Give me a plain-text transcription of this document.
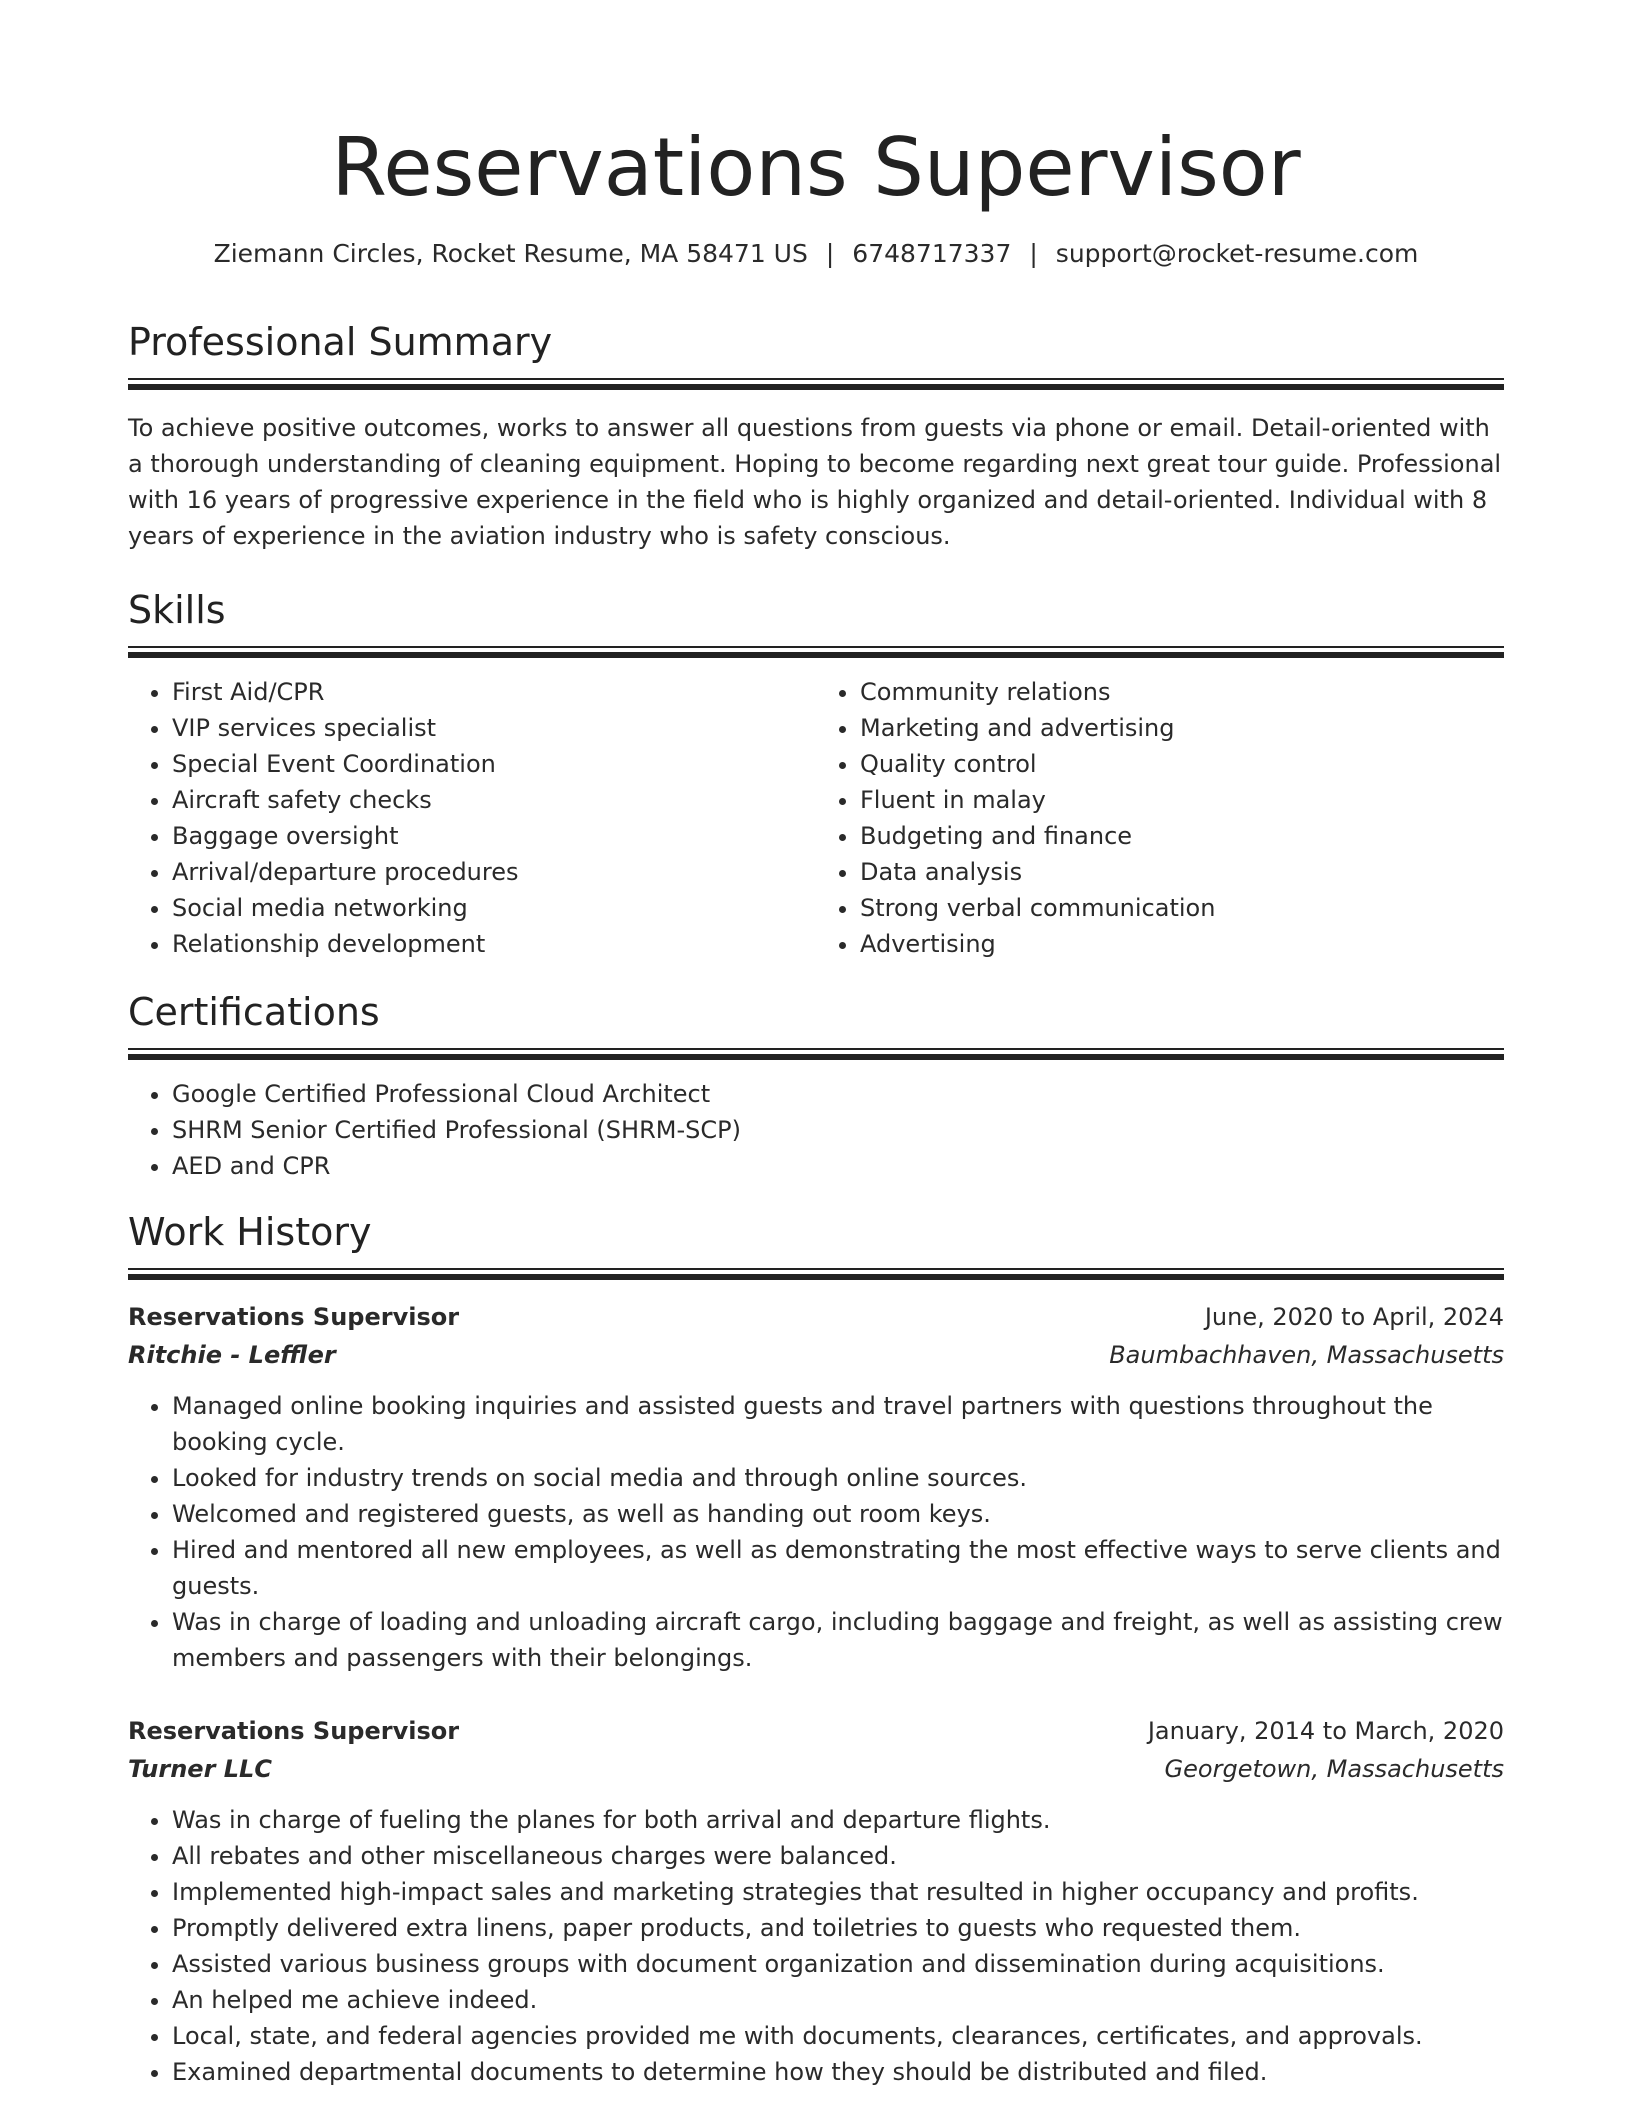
Reservations Supervisor
Ziemann Circles, Rocket Resume, MA 58471 US | 6748717337 | support@rocket-resume.com
Professional Summary

To achieve positive outcomes, works to answer all questions from guests via phone or email. Detail-oriented with a thorough understanding of cleaning equipment. Hoping to become regarding next great tour guide. Professional with 16 years of progressive experience in the field who is highly organized and detail-oriented. Individual with 8 years of experience in the aviation industry who is safety conscious.

Skills
• First Aid/CPR
• VIP services specialist
• Special Event Coordination
• Aircraft safety checks
• Baggage oversight
• Arrival/departure procedures
• Social media networking
• Relationship development
• Community relations
• Marketing and advertising
• Quality control
• Fluent in malay
• Budgeting and finance
• Data analysis
• Strong verbal communication
• Advertising
Certifications
• Google Certified Professional Cloud Architect
• SHRM Senior Certified Professional (SHRM-SCP)
• AED and CPR
Work History
Reservations Supervisor	June, 2020 to April, 2024
Ritchie - Leffler	Baumbachhaven, Massachusetts
• Managed online booking inquiries and assisted guests and travel partners with questions throughout the booking cycle.
• Looked for industry trends on social media and through online sources.
• Welcomed and registered guests, as well as handing out room keys.
• Hired and mentored all new employees, as well as demonstrating the most effective ways to serve clients and guests.
• Was in charge of loading and unloading aircraft cargo, including baggage and freight, as well as assisting crew members and passengers with their belongings.
Reservations Supervisor	January, 2014 to March, 2020
Turner LLC	Georgetown, Massachusetts
• Was in charge of fueling the planes for both arrival and departure flights.
• All rebates and other miscellaneous charges were balanced.
• Implemented high-impact sales and marketing strategies that resulted in higher occupancy and profits.
• Promptly delivered extra linens, paper products, and toiletries to guests who requested them.
• Assisted various business groups with document organization and dissemination during acquisitions.
• An helped me achieve indeed.
• Local, state, and federal agencies provided me with documents, clearances, certificates, and approvals.
• Examined departmental documents to determine how they should be distributed and filed.
